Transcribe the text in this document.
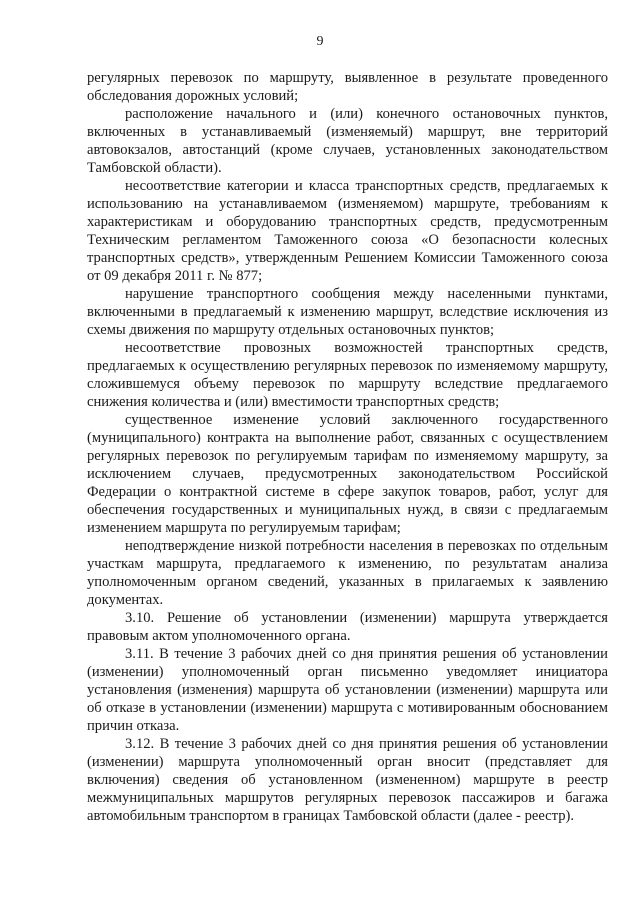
9

регулярных перевозок по маршруту, выявленное в результате проведенного обследования дорожных условий;

расположение начального и (или) конечного остановочных пунктов, включенных в устанавливаемый (изменяемый) маршрут, вне территорий автовокзалов, автостанций (кроме случаев, установленных законодательством Тамбовской области).

несоответствие категории и класса транспортных средств, предлагаемых к использованию на устанавливаемом (изменяемом) маршруте, требованиям к характеристикам и оборудованию транспортных средств, предусмотренным Техническим регламентом Таможенного союза «О безопасности колесных транспортных средств», утвержденным Решением Комиссии Таможенного союза от 09 декабря 2011 г. № 877;

нарушение транспортного сообщения между населенными пунктами, включенными в предлагаемый к изменению маршрут, вследствие исключения из схемы движения по маршруту отдельных остановочных пунктов;

несоответствие провозных возможностей транспортных средств, предлагаемых к осуществлению регулярных перевозок по изменяемому маршруту, сложившемуся объему перевозок по маршруту вследствие предлагаемого снижения количества и (или) вместимости транспортных средств;

существенное изменение условий заключенного государственного (муниципального) контракта на выполнение работ, связанных с осуществлением регулярных перевозок по регулируемым тарифам по изменяемому маршруту, за исключением случаев, предусмотренных законодательством Российской Федерации о контрактной системе в сфере закупок товаров, работ, услуг для обеспечения государственных и муниципальных нужд, в связи с предлагаемым изменением маршрута по регулируемым тарифам;

неподтверждение низкой потребности населения в перевозках по отдельным участкам маршрута, предлагаемого к изменению, по результатам анализа уполномоченным органом сведений, указанных в прилагаемых к заявлению документах.

3.10. Решение об установлении (изменении) маршрута утверждается правовым актом уполномоченного органа.

3.11. В течение 3 рабочих дней со дня принятия решения об установлении (изменении) уполномоченный орган письменно уведомляет инициатора установления (изменения) маршрута об установлении (изменении) маршрута или об отказе в установлении (изменении) маршрута с мотивированным обоснованием причин отказа.

3.12. В течение 3 рабочих дней со дня принятия решения об установлении (изменении) маршрута уполномоченный орган вносит (представляет для включения) сведения об установленном (измененном) маршруте в реестр межмуниципальных маршрутов регулярных перевозок пассажиров и багажа автомобильным транспортом в границах Тамбовской области (далее - реестр).
